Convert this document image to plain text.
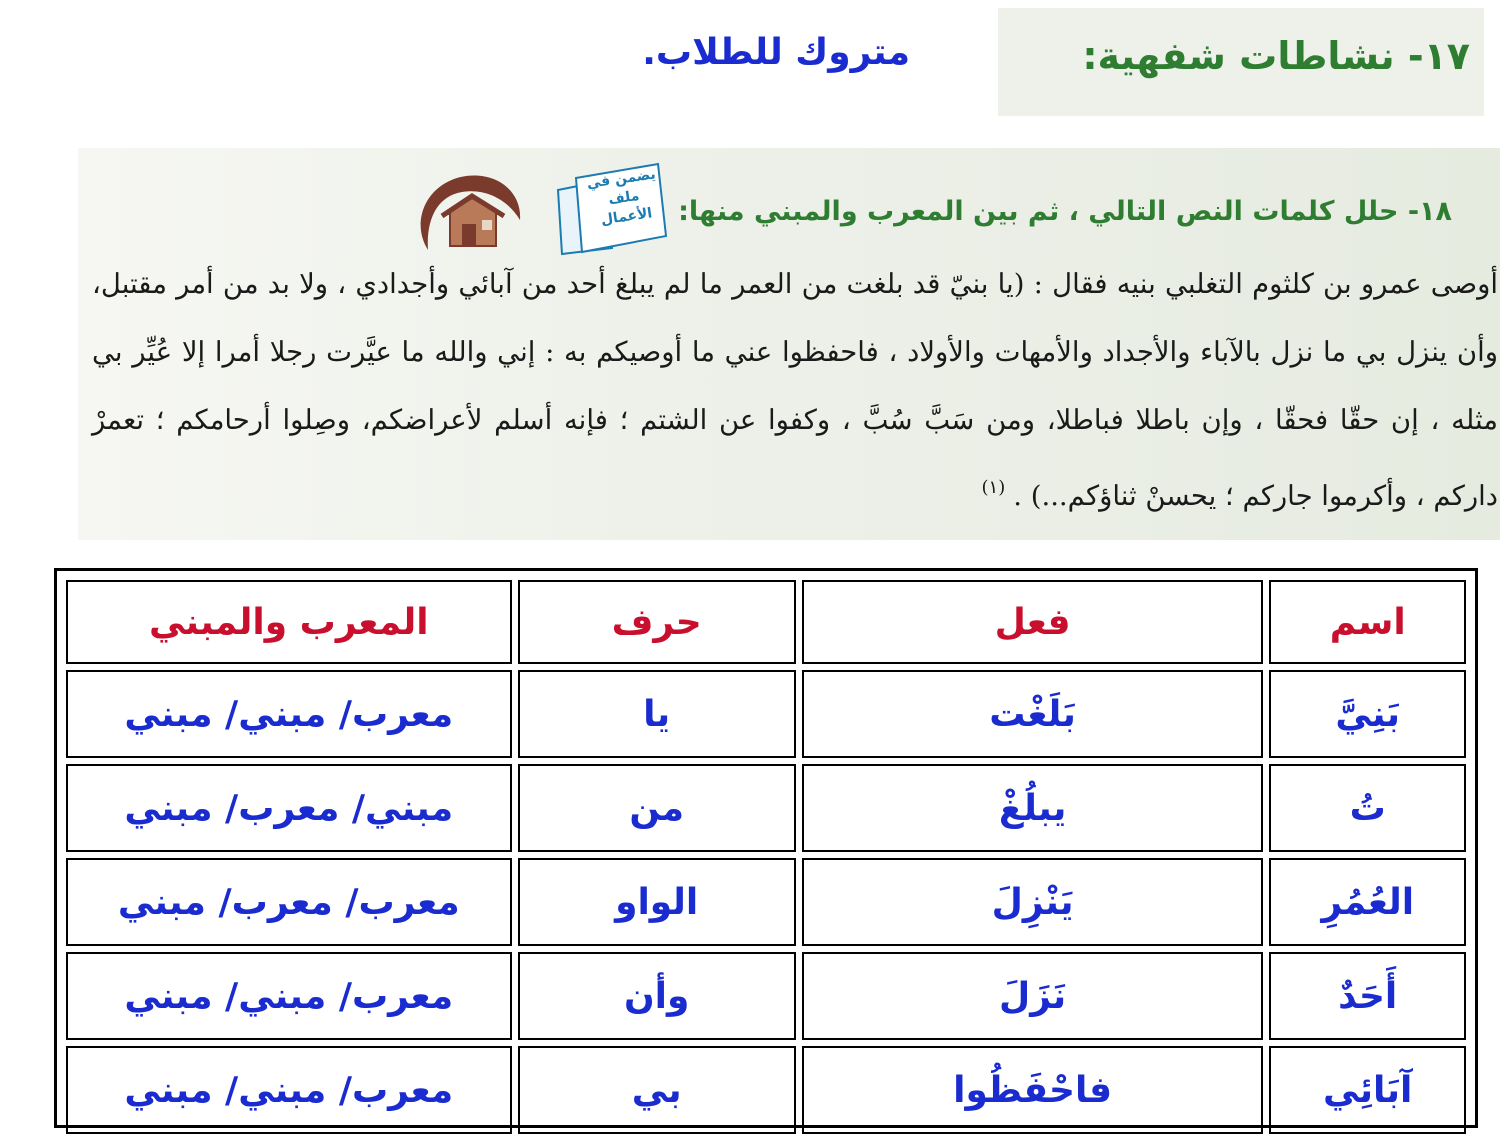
١٧- نشاطات شفهية:
متروك للطلاب.
يضمن في ملف الأعمال ١٨- حلل كلمات النص التالي ، ثم بين المعرب والمبني منها:
أوصى عمرو بن كلثوم التغلبي بنيه فقال : (يا بنيّ قد بلغت من العمر ما لم يبلغ أحد من آبائي وأجدادي ، ولا بد من أمر مقتبل، وأن ينزل بي ما نزل بالآباء والأجداد والأمهات والأولاد ، فاحفظوا عني ما أوصيكم به : إني والله ما عيَّرت رجلا أمرا إلا عُيِّر بي مثله ، إن حقّا فحقّا ، وإن باطلا فباطلا، ومن سَبَّ سُبَّ ، وكفوا عن الشتم ؛ فإنه أسلم لأعراضكم، وصِلوا أرحامكم ؛ تعمرْ داركم ، وأكرموا جاركم ؛ يحسنْ ثناؤكم...) .$^{(١)}$
اسم	فعل	حرف	المعرب والمبني
بَنِيَّ	بَلَغْت	يا	معرب/ مبني/ مبني
تُ	يبلُغْ	من	مبني/ معرب/ مبني
العُمُرِ	يَنْزِلَ	الواو	معرب/ معرب/ مبني
أَحَدٌ	نَزَلَ	وأن	معرب/ مبني/ مبني
آبَائِي	فاحْفَظُوا	بي	معرب/ مبني/ مبني
